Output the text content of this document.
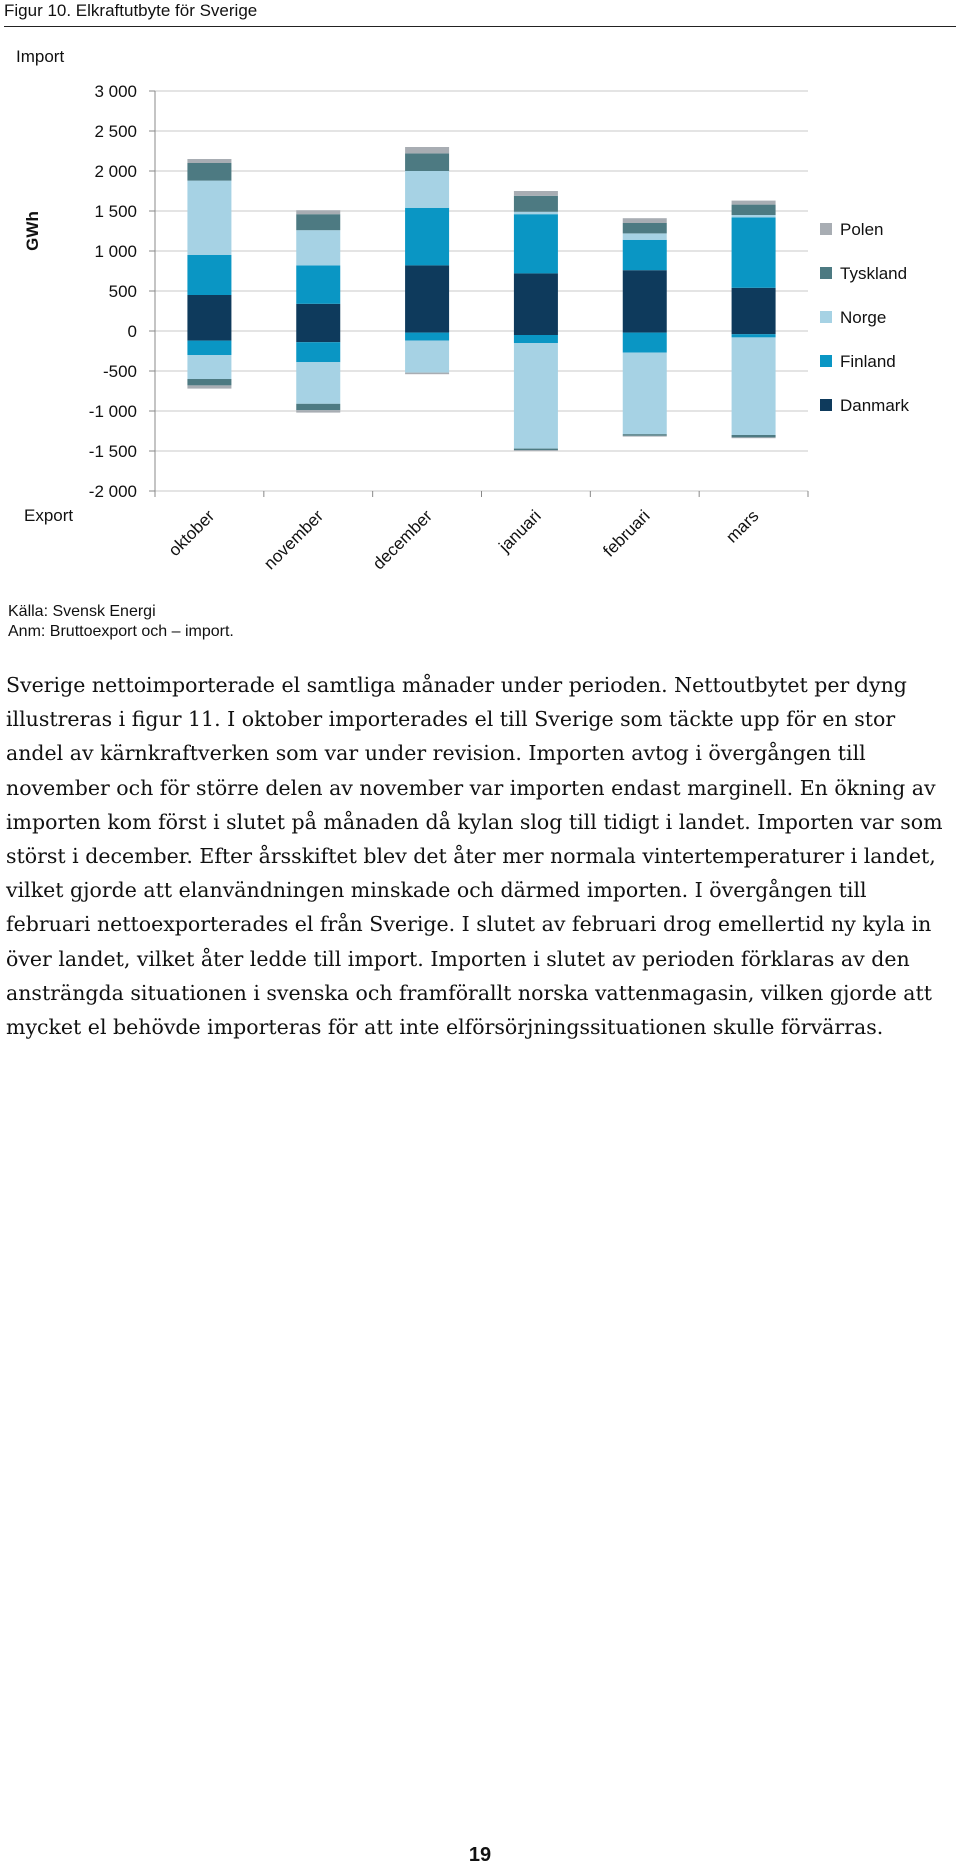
Figur 10. Elkraftutbyte för Sverige
3 000
2 500
2 000
1 500
1 000
500
0
-500
-1 000
-1 500
-2 000
GWh
Import
Export	oktober november december	januari	februari	mars
Polen
Tyskland
Norge
Finland
Danmark
Källa: Svensk Energi
Anm: Bruttoexport och – import.

Sverige nettoimporterade el samtliga månader under perioden. Nettoutbytet per dyng illustreras i figur 11. I oktober importerades el till Sverige som täckte upp för en stor andel av kärnkraftverken som var under revision. Importen avtog i övergången till november och för större delen av november var importen endast marginell. En ökning av importen kom först i slutet på månaden då kylan slog till tidigt i landet. Importen var som störst i december. Efter årsskiftet blev det åter mer normala vintertemperaturer i landet, vilket gjorde att elanvändningen minskade och därmed importen. I övergången till februari nettoexporterades el från Sverige. I slutet av februari drog emellertid ny kyla in över landet, vilket åter ledde till import. Importen i slutet av perioden förklaras av den ansträngda situationen i svenska och framförallt norska vattenmagasin, vilken gjorde att mycket el behövde importeras för att inte elförsörjningssituationen skulle förvärras.

19
